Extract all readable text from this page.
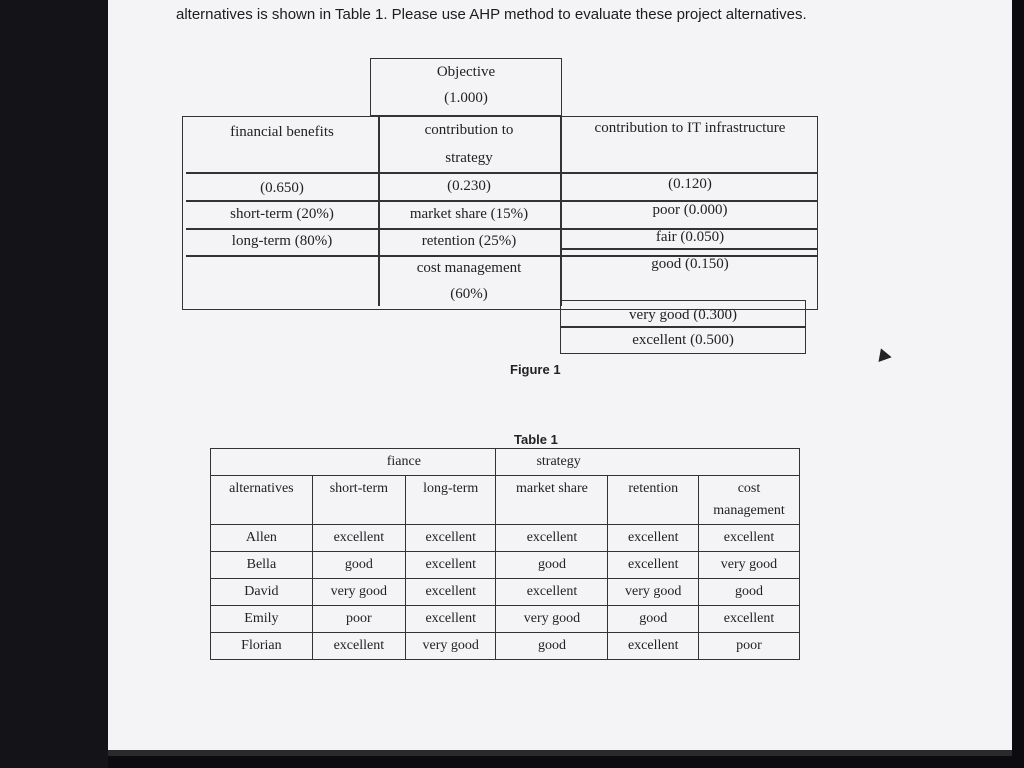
alternatives is shown in Table 1. Please use AHP method to evaluate these project alternatives.
Objective
(1.000)
financial benefits
(0.650)
short-term (20%)
long-term (80%)
contribution to
strategy
(0.230)
market share (15%)
retention (25%)
cost management
(60%)
contribution to IT infrastructure
(0.120)
poor (0.000)
fair (0.050)
good (0.150)
very good (0.300)
excellent (0.500)
Figure 1
Table 1
	fiance		strategy		
alternatives	short-term	long-term	market share	retention	cost management
Allen	excellent	excellent	excellent	excellent	excellent
Bella	good	excellent	good	excellent	very good
David	very good	excellent	excellent	very good	good
Emily	poor	excellent	very good	good	excellent
Florian	excellent	very good	good	excellent	poor
